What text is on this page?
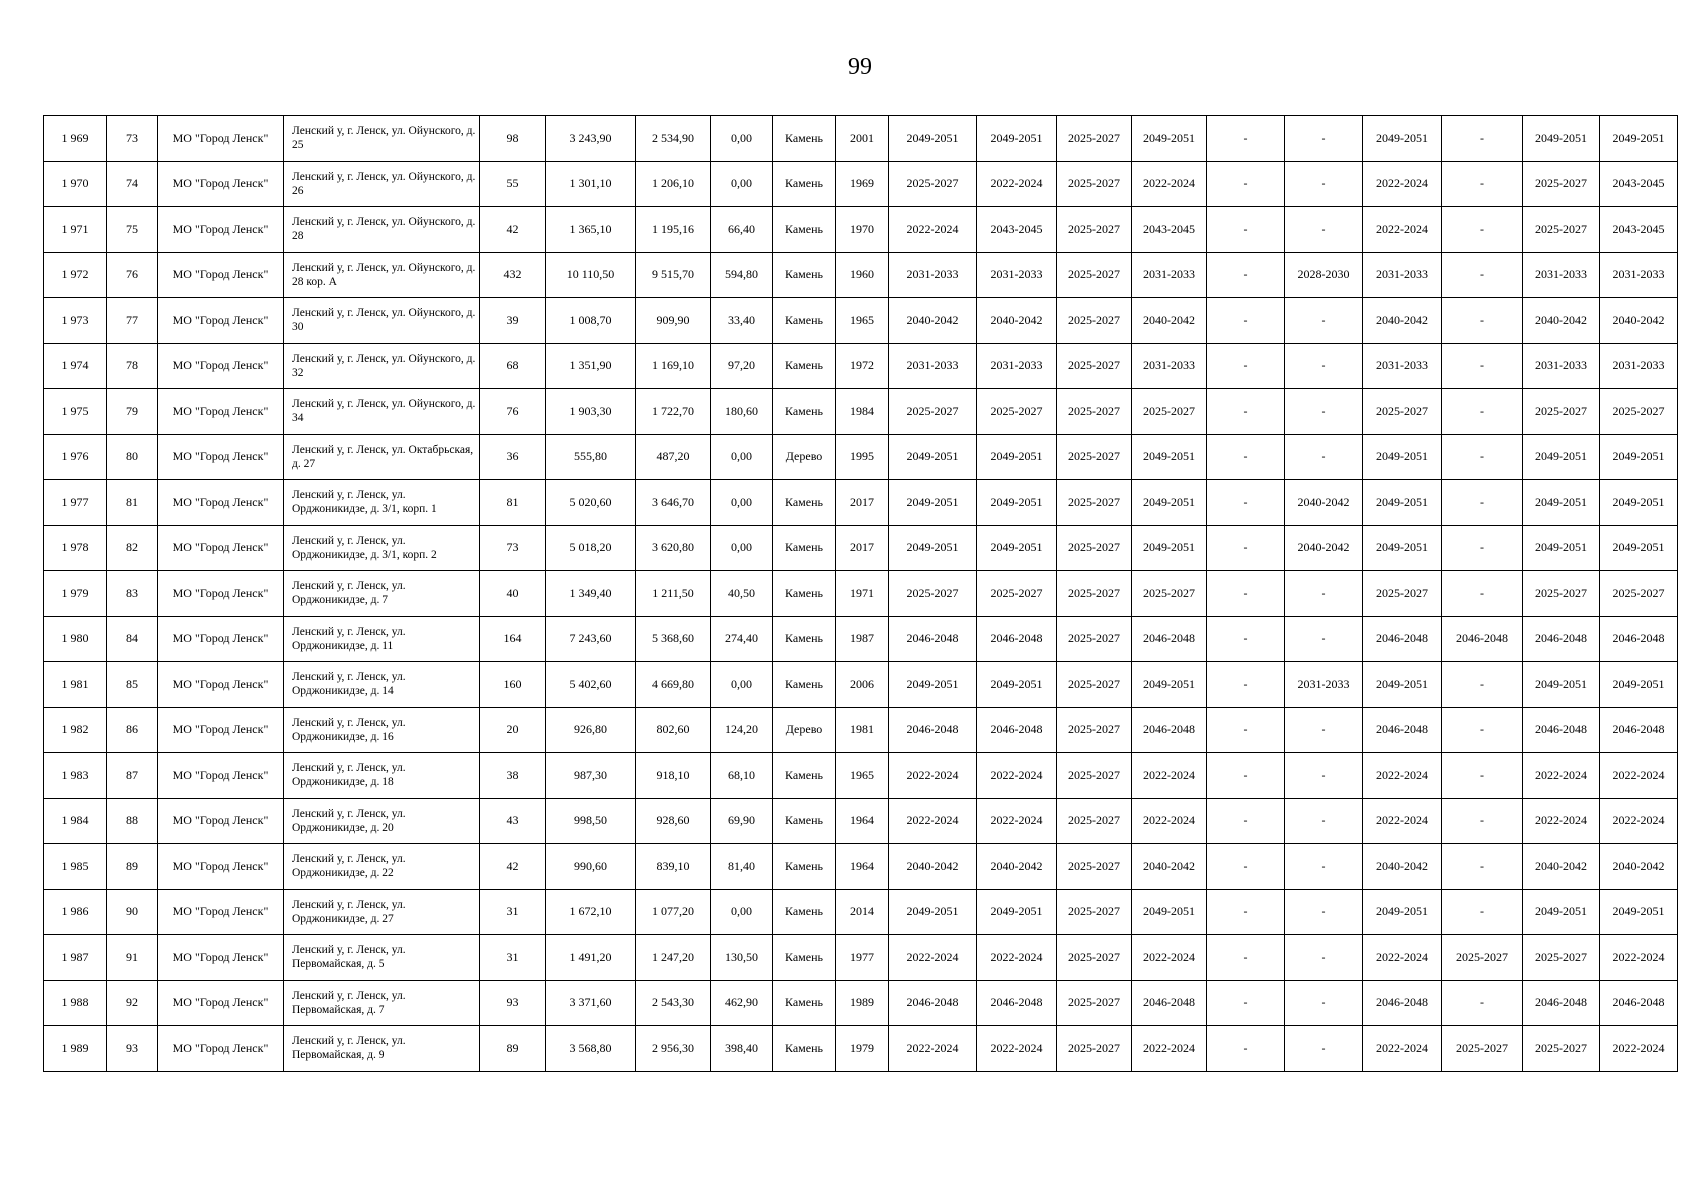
99
1 969	73	МО "Город Ленск"	Ленский у, г. Ленск, ул. Ойунского, д. 25	98	3 243,90	2 534,90	0,00	Камень	2001	2049-2051	2049-2051	2025-2027	2049-2051	-	-	2049-2051	-	2049-2051	2049-2051
1 970	74	МО "Город Ленск"	Ленский у, г. Ленск, ул. Ойунского, д. 26	55	1 301,10	1 206,10	0,00	Камень	1969	2025-2027	2022-2024	2025-2027	2022-2024	-	-	2022-2024	-	2025-2027	2043-2045
1 971	75	МО "Город Ленск"	Ленский у, г. Ленск, ул. Ойунского, д. 28	42	1 365,10	1 195,16	66,40	Камень	1970	2022-2024	2043-2045	2025-2027	2043-2045	-	-	2022-2024	-	2025-2027	2043-2045
1 972	76	МО "Город Ленск"	Ленский у, г. Ленск, ул. Ойунского, д. 28 кор. А	432	10 110,50	9 515,70	594,80	Камень	1960	2031-2033	2031-2033	2025-2027	2031-2033	-	2028-2030	2031-2033	-	2031-2033	2031-2033
1 973	77	МО "Город Ленск"	Ленский у, г. Ленск, ул. Ойунского, д. 30	39	1 008,70	909,90	33,40	Камень	1965	2040-2042	2040-2042	2025-2027	2040-2042	-	-	2040-2042	-	2040-2042	2040-2042
1 974	78	МО "Город Ленск"	Ленский у, г. Ленск, ул. Ойунского, д. 32	68	1 351,90	1 169,10	97,20	Камень	1972	2031-2033	2031-2033	2025-2027	2031-2033	-	-	2031-2033	-	2031-2033	2031-2033
1 975	79	МО "Город Ленск"	Ленский у, г. Ленск, ул. Ойунского, д. 34	76	1 903,30	1 722,70	180,60	Камень	1984	2025-2027	2025-2027	2025-2027	2025-2027	-	-	2025-2027	-	2025-2027	2025-2027
1 976	80	МО "Город Ленск"	Ленский у, г. Ленск, ул. Октабрьская, д. 27	36	555,80	487,20	0,00	Дерево	1995	2049-2051	2049-2051	2025-2027	2049-2051	-	-	2049-2051	-	2049-2051	2049-2051
1 977	81	МО "Город Ленск"	Ленский у, г. Ленск, ул. Орджоникидзе, д. 3/1, корп. 1	81	5 020,60	3 646,70	0,00	Камень	2017	2049-2051	2049-2051	2025-2027	2049-2051	-	2040-2042	2049-2051	-	2049-2051	2049-2051
1 978	82	МО "Город Ленск"	Ленский у, г. Ленск, ул. Орджоникидзе, д. 3/1, корп. 2	73	5 018,20	3 620,80	0,00	Камень	2017	2049-2051	2049-2051	2025-2027	2049-2051	-	2040-2042	2049-2051	-	2049-2051	2049-2051
1 979	83	МО "Город Ленск"	Ленский у, г. Ленск, ул. Орджоникидзе, д. 7	40	1 349,40	1 211,50	40,50	Камень	1971	2025-2027	2025-2027	2025-2027	2025-2027	-	-	2025-2027	-	2025-2027	2025-2027
1 980	84	МО "Город Ленск"	Ленский у, г. Ленск, ул. Орджоникидзе, д. 11	164	7 243,60	5 368,60	274,40	Камень	1987	2046-2048	2046-2048	2025-2027	2046-2048	-	-	2046-2048	2046-2048	2046-2048	2046-2048
1 981	85	МО "Город Ленск"	Ленский у, г. Ленск, ул. Орджоникидзе, д. 14	160	5 402,60	4 669,80	0,00	Камень	2006	2049-2051	2049-2051	2025-2027	2049-2051	-	2031-2033	2049-2051	-	2049-2051	2049-2051
1 982	86	МО "Город Ленск"	Ленский у, г. Ленск, ул. Орджоникидзе, д. 16	20	926,80	802,60	124,20	Дерево	1981	2046-2048	2046-2048	2025-2027	2046-2048	-	-	2046-2048	-	2046-2048	2046-2048
1 983	87	МО "Город Ленск"	Ленский у, г. Ленск, ул. Орджоникидзе, д. 18	38	987,30	918,10	68,10	Камень	1965	2022-2024	2022-2024	2025-2027	2022-2024	-	-	2022-2024	-	2022-2024	2022-2024
1 984	88	МО "Город Ленск"	Ленский у, г. Ленск, ул. Орджоникидзе, д. 20	43	998,50	928,60	69,90	Камень	1964	2022-2024	2022-2024	2025-2027	2022-2024	-	-	2022-2024	-	2022-2024	2022-2024
1 985	89	МО "Город Ленск"	Ленский у, г. Ленск, ул. Орджоникидзе, д. 22	42	990,60	839,10	81,40	Камень	1964	2040-2042	2040-2042	2025-2027	2040-2042	-	-	2040-2042	-	2040-2042	2040-2042
1 986	90	МО "Город Ленск"	Ленский у, г. Ленск, ул. Орджоникидзе, д. 27	31	1 672,10	1 077,20	0,00	Камень	2014	2049-2051	2049-2051	2025-2027	2049-2051	-	-	2049-2051	-	2049-2051	2049-2051
1 987	91	МО "Город Ленск"	Ленский у, г. Ленск, ул. Первомайская, д. 5	31	1 491,20	1 247,20	130,50	Камень	1977	2022-2024	2022-2024	2025-2027	2022-2024	-	-	2022-2024	2025-2027	2025-2027	2022-2024
1 988	92	МО "Город Ленск"	Ленский у, г. Ленск, ул. Первомайская, д. 7	93	3 371,60	2 543,30	462,90	Камень	1989	2046-2048	2046-2048	2025-2027	2046-2048	-	-	2046-2048	-	2046-2048	2046-2048
1 989	93	МО "Город Ленск"	Ленский у, г. Ленск, ул. Первомайская, д. 9	89	3 568,80	2 956,30	398,40	Камень	1979	2022-2024	2022-2024	2025-2027	2022-2024	-	-	2022-2024	2025-2027	2025-2027	2022-2024
